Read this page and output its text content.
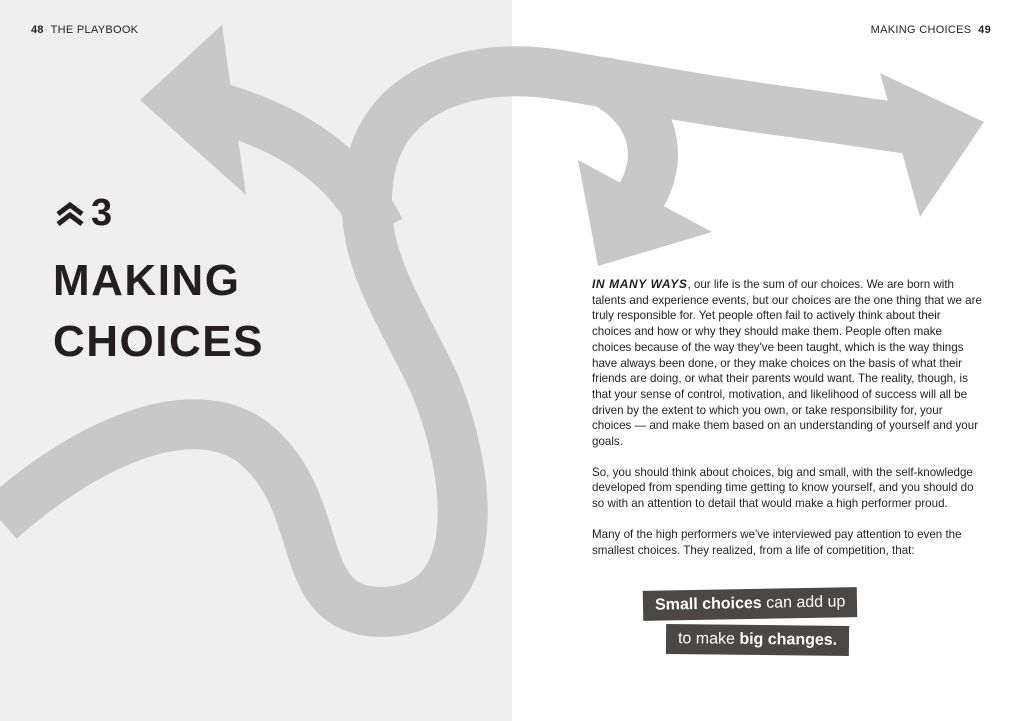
48 THE PLAYBOOK	MAKING CHOICES 49
3
MAKING
CHOICES

IN MANY WAYS, our life is the sum of our choices. We are born with talents and experience events, but our choices are the one thing that we are truly responsible for. Yet people often fail to actively think about their choices and how or why they should make them. People often make choices because of the way they've been taught, which is the way things have always been done, or they make choices on the basis of what their friends are doing, or what their parents would want. The reality, though, is that your sense of control, motivation, and likelihood of success will all be driven by the extent to which you own, or take responsibility for, your choices — and make them based on an understanding of yourself and your goals.

So, you should think about choices, big and small, with the self-knowledge developed from spending time getting to know yourself, and you should do so with an attention to detail that would make a high performer proud.

Many of the high performers we've interviewed pay attention to even the smallest choices. They realized, from a life of competition, that:

Small choices can add up
to make big changes.
